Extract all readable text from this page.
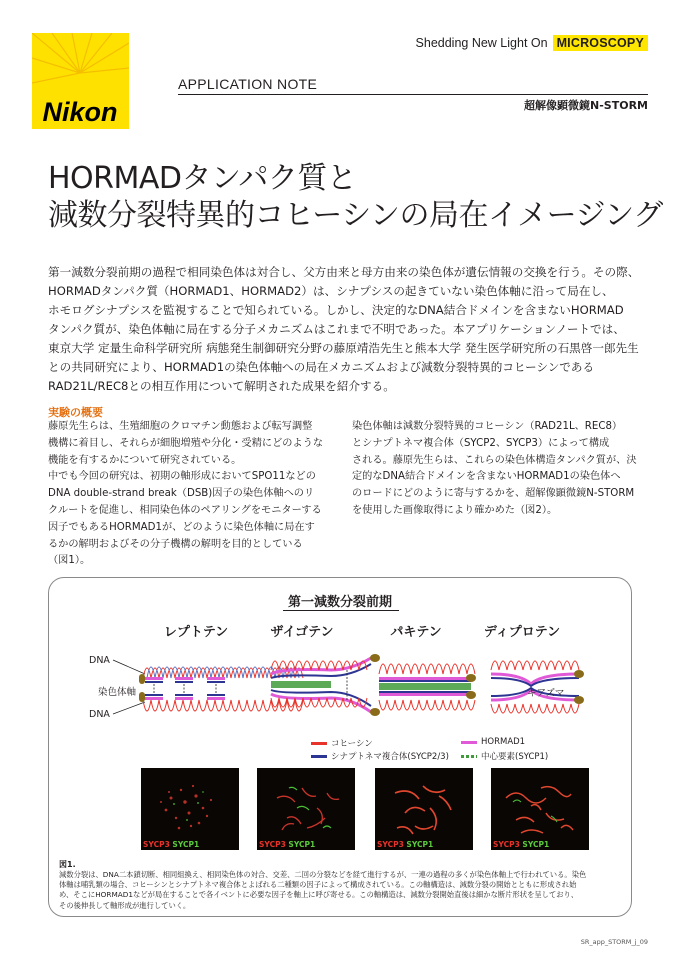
Nikon
Shedding New Light On MICROSCOPY
APPLICATION NOTE
超解像顕微鏡N-STORM
HORMADタンパク質と
減数分裂特異的コヒーシンの局在イメージング
第一減数分裂前期の過程で相同染色体は対合し、父方由来と母方由来の染色体が遺伝情報の交換を行う。その際、
HORMADタンパク質（HORMAD1、HORMAD2）は、シナプシスの起きていない染色体軸に沿って局在し、
ホモログシナプシスを監視することで知られている。しかし、決定的なDNA結合ドメインを含まないHORMAD
タンパク質が、染色体軸に局在する分子メカニズムはこれまで不明であった。本アプリケーションノートでは、
東京大学 定量生命科学研究所 病態発生制御研究分野の藤原靖浩先生と熊本大学 発生医学研究所の石黒啓一郎先生
との共同研究により、HORMAD1の染色体軸への局在メカニズムおよび減数分裂特異的コヒーシンである
RAD21L/REC8との相互作用について解明された成果を紹介する。
実験の概要
藤原先生らは、生殖細胞のクロマチン動態および転写調整
機構に着目し、それらが細胞増殖や分化・受精にどのような
機能を有するかについて研究されている。
中でも今回の研究は、初期の軸形成においてSPO11などの
DNA double-strand break（DSB)因子の染色体軸へのリ
クルートを促進し、相同染色体のペアリングをモニターする
因子でもあるHORMAD1が、どのように染色体軸に局在す
るかの解明およびその分子機構の解明を目的としている
（図1）。
染色体軸は減数分裂特異的コヒーシン（RAD21L、REC8）
とシナプトネマ複合体（SYCP2、SYCP3）によって構成
される。藤原先生らは、これらの染色体構造タンパク質が、決
定的なDNA結合ドメインを含まないHORMAD1の染色体へ
のロードにどのように寄与するかを、超解像顕微鏡N-STORM
を使用した画像取得により確かめた（図2）。
第一減数分裂前期
レプトテン	ザイゴテン	パキテン	ディプロテン
DNA
染色体軸
DNA
キアズマ
コヒーシン	HORMAD1
シナプトネマ複合体(SYCP2/3)	中心要素(SYCP1)
SYCP3 SYCP1	SYCP3 SYCP1	SYCP3 SYCP1	SYCP3 SYCP1
図1.
減数分裂は、DNA二本鎖切断、相同組換え、相同染色体の対合、交差、二回の分裂などを経て進行するが、一連の過程の多くが染色体軸上で行われている。染色
体軸は哺乳類の場合、コヒーシンとシナプトネマ複合体とよばれる二種類の因子によって構成されている。この軸構造は、減数分裂の開始とともに形成され始
め、そこにHORMAD1などが局在することで各イベントに必要な因子を軸上に呼び寄せる。この軸構造は、減数分裂開始直後は細かな断片形状を呈しており、
その後伸長して軸形成が進行していく。
SR_app_STORM_j_09
